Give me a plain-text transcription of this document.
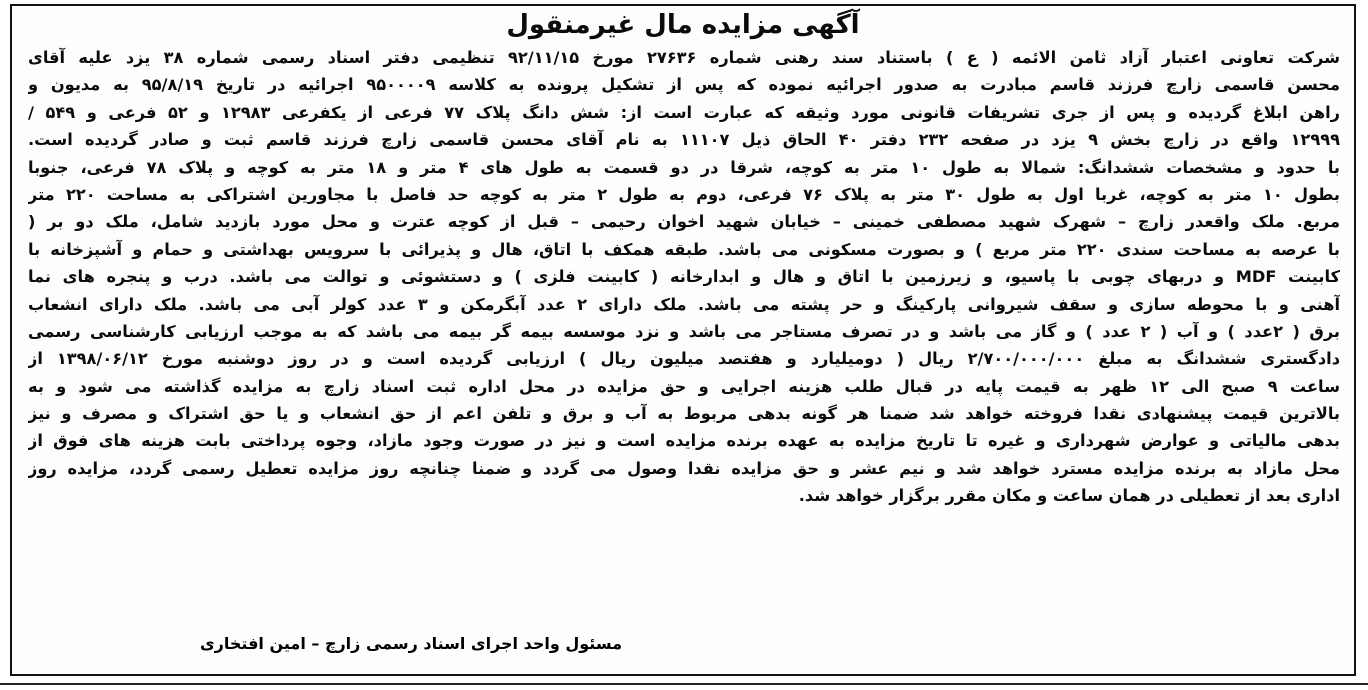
آگهی مزایده مال غیرمنقول
شرکت تعاونی اعتبار آزاد ثامن الائمه ( ع ) باستناد سند رهنی شماره ۲۷۶۳۶ مورخ ۹۲/۱۱/۱۵ تنظیمی دفتر اسناد رسمی شماره ۳۸ یزد علیه آقای
محسن قاسمی زارچ فرزند قاسم مبادرت به صدور اجرائیه نموده که پس از تشکیل پرونده به کلاسه ۹۵۰۰۰۰۹ اجرائیه در تاریخ ۹۵/۸/۱۹ به مدیون و
راهن ابلاغ گردیده و پس از جری تشریفات قانونی مورد وثیقه که عبارت است از: شش دانگ پلاک ۷۷ فرعی از یکفرعی ۱۲۹۸۳ و ۵۲ فرعی و ۵۴۹ /
۱۲۹۹۹ واقع در زارچ بخش ۹ یزد در صفحه ۲۳۲ دفتر ۴۰ الحاق ذیل ۱۱۱۰۷ به نام آقای محسن قاسمی زارچ فرزند قاسم ثبت و صادر گردیده است.
با حدود و مشخصات ششدانگ: شمالا به طول ۱۰ متر به کوچه، شرقا در دو قسمت به طول های ۴ متر و ۱۸ متر به کوچه و پلاک ۷۸ فرعی، جنوبا
بطول ۱۰ متر به کوچه، غربا اول به طول ۳۰ متر به پلاک ۷۶ فرعی، دوم به طول ۲ متر به کوچه حد فاصل با مجاورین اشتراکی به مساحت ۲۲۰ متر
مربع. ملک واقعدر زارچ – شهرک شهید مصطفی خمینی – خیابان شهید اخوان رحیمی – قبل از کوچه عترت و محل مورد بازدید شامل، ملک دو بر (
با عرصه به مساحت سندی ۲۲۰ متر مربع ) و بصورت مسکونی می باشد. طبقه همکف با اتاق، هال و پذیرائی با سرویس بهداشتی و حمام و آشپزخانه با
کابینت MDF و دربهای چوبی با پاسیو، و زیرزمین با اتاق و هال و ابدارخانه ( کابینت فلزی ) و دستشوئی و توالت می باشد. درب و پنجره های نما
آهنی و با محوطه سازی و سقف شیروانی پارکینگ و حر پشته می باشد. ملک دارای ۲ عدد آبگرمکن و ۳ عدد کولر آبی می باشد. ملک دارای انشعاب
برق ( ۲عدد ) و آب ( ۲ عدد ) و گاز می باشد و در تصرف مستاجر می باشد و نزد موسسه بیمه گر بیمه می باشد که به موجب ارزیابی کارشناسی رسمی
دادگستری ششدانگ به مبلغ ۲/۷۰۰/۰۰۰/۰۰۰ ریال ( دومیلیارد و هفتصد میلیون ریال ) ارزیابی گردیده است و در روز دوشنبه مورخ ۱۳۹۸/۰۶/۱۲ از
ساعت ۹ صبح الی ۱۲ ظهر به قیمت پایه در قبال طلب هزینه اجرایی و حق مزایده در محل اداره ثبت اسناد زارچ به مزایده گذاشته می شود و به
بالاترین قیمت پیشنهادی نقدا فروخته خواهد شد ضمنا هر گونه بدهی مربوط به آب و برق و تلفن اعم از حق انشعاب و یا حق اشتراک و مصرف و نیز
بدهی مالیاتی و عوارض شهرداری و غیره تا تاریخ مزایده به عهده برنده مزایده است و نیز در صورت وجود مازاد، وجوه پرداختی بابت هزینه های فوق از
محل مازاد به برنده مزایده مسترد خواهد شد و نیم عشر و حق مزایده نقدا وصول می گردد و ضمنا چنانچه روز مزایده تعطیل رسمی گردد، مزایده روز
اداری بعد از تعطیلی در همان ساعت و مکان مقرر برگزار خواهد شد.
مسئول واحد اجرای اسناد رسمی زارچ – امین افتخاری
